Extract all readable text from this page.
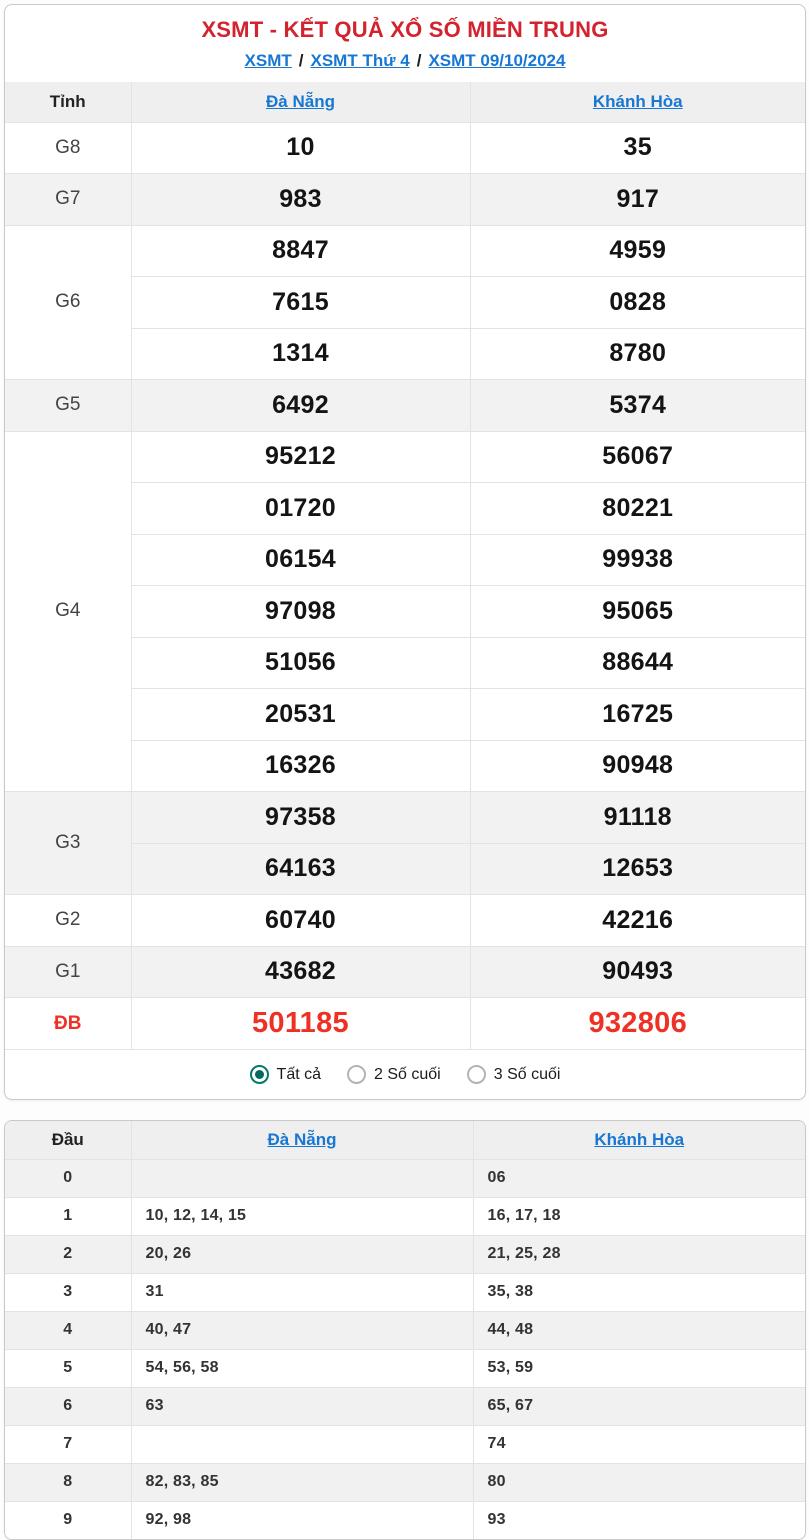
XSMT - KẾT QUẢ XỔ SỐ MIỀN TRUNG
XSMT / XSMT Thứ 4 / XSMT 09/10/2024
Tỉnh	Đà Nẵng	Khánh Hòa
G8	10	35
G7	983	917
G6	8847	4959
	7615	0828
	1314	8780
G5	6492	5374
G4	95212	56067
	01720	80221
	06154	99938
	97098	95065
	51056	88644
	20531	16725
	16326	90948
G3	97358	91118
	64163	12653
G2	60740	42216
G1	43682	90493
ĐB	501185	932806
Tất cả	2 Số cuối	3 Số cuối
Đầu	Đà Nẵng	Khánh Hòa
0		06
1	10, 12, 14, 15	16, 17, 18
2	20, 26	21, 25, 28
3	31	35, 38
4	40, 47	44, 48
5	54, 56, 58	53, 59
6	63	65, 67
7		74
8	82, 83, 85	80
9	92, 98	93
